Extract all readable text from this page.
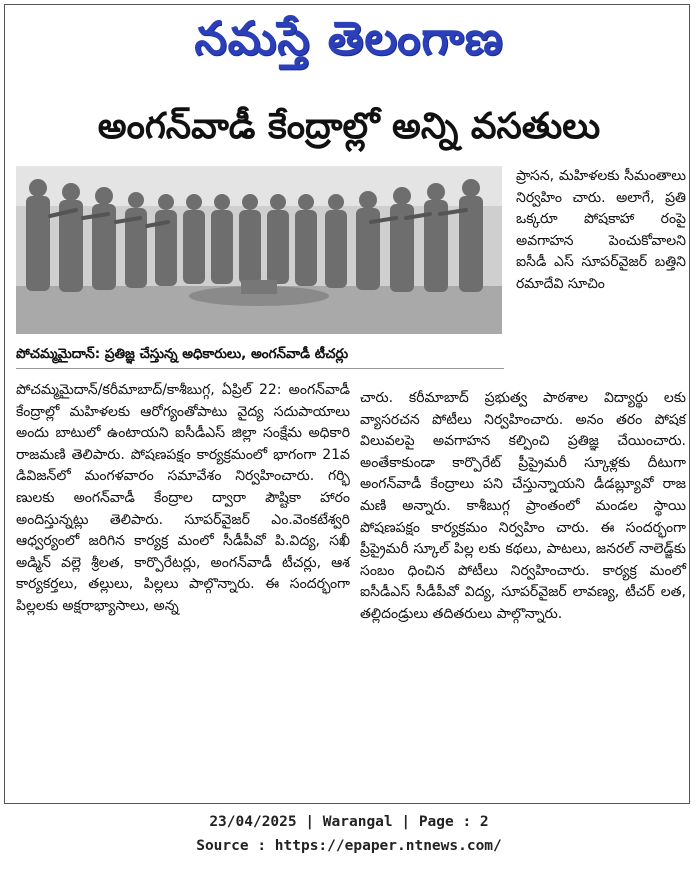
నమస్తే తెలంగాణ
అంగన్‌వాడీ కేంద్రాల్లో అన్ని వసతులు
పోచమ్మమైదాన్: ప్రతిజ్ఞ చేస్తున్న అధికారులు, అంగన్‌వాడీ టీచర్లు

ప్రాసన, మహిళలకు సీమంతాలు నిర్వహిం చారు. అలాగే, ప్రతి ఒక్కరూ పోషకాహా రంపై అవగాహన పెంచుకోవాలని ఐసీడీ ఎస్ సూపర్‌వైజర్ బత్తిని రమాదేవి సూచిం

పోచమ్మమైదాన్/కరీమాబాద్/కాశీబుగ్గ, ఏప్రిల్ 22: అంగన్‌వాడీ కేంద్రాల్లో మహిళలకు ఆరోగ్యంతోపాటు వైద్య సదుపాయాలు అందు బాటులో ఉంటాయని ఐసీడీఎస్ జిల్లా సంక్షేమ అధికారి రాజమణి తెలిపారు. పోషణపక్షం కార్యక్రమంలో భాగంగా 21వ డివిజన్‌లో మంగళవారం సమావేశం నిర్వహించారు. గర్భి ణులకు అంగన్‌వాడీ కేంద్రాల ద్వారా పౌష్టికా హారం అందిస్తున్నట్లు తెలిపారు. సూపర్‌వైజర్ ఎం.వెంకటేశ్వరి ఆధ్వర్యంలో జరిగిన కార్యక్ర మంలో సీడీపీవో పి.విద్య, సఖీ అడ్మిన్ వల్లె శ్రీలత, కార్పొరేటర్లు, అంగన్‌వాడీ టీచర్లు, ఆశ కార్యకర్తలు, తల్లులు, పిల్లలు పాల్గొన్నారు. ఈ సందర్భంగా పిల్లలకు అక్షరాభ్యాసాలు, అన్న

చారు. కరీమాబాద్ ప్రభుత్వ పాఠశాల విద్యార్థు లకు వ్యాసరచన పోటీలు నిర్వహించారు. అనం తరం పోషక విలువలపై అవగాహన కల్పించి ప్రతిజ్ఞ చేయించారు. అంతేకాకుండా కార్పొరేట్ ప్రీప్రైమరీ స్కూళ్లకు దీటుగా అంగన్‌వాడీ కేంద్రాలు పని చేస్తున్నాయని డీడబ్ల్యూవో రాజ మణి అన్నారు. కాశీబుగ్గ ప్రాంతంలో మండల స్థాయి పోషణపక్షం కార్యక్రమం నిర్వహిం చారు. ఈ సందర్భంగా ప్రీప్రైమరీ స్కూల్ పిల్ల లకు కథలు, పాటలు, జనరల్ నాలెడ్జ్‌కు సంబం ధించిన పోటీలు నిర్వహించారు. కార్యక్ర మంలో ఐసీడీఎస్ సీడీపీవో విద్య, సూపర్‌వైజర్ లావణ్య, టీచర్ లత, తల్లిదండ్రులు తదితరులు పాల్గొన్నారు.

23/04/2025 | Warangal | Page : 2
Source : https://epaper.ntnews.com/
